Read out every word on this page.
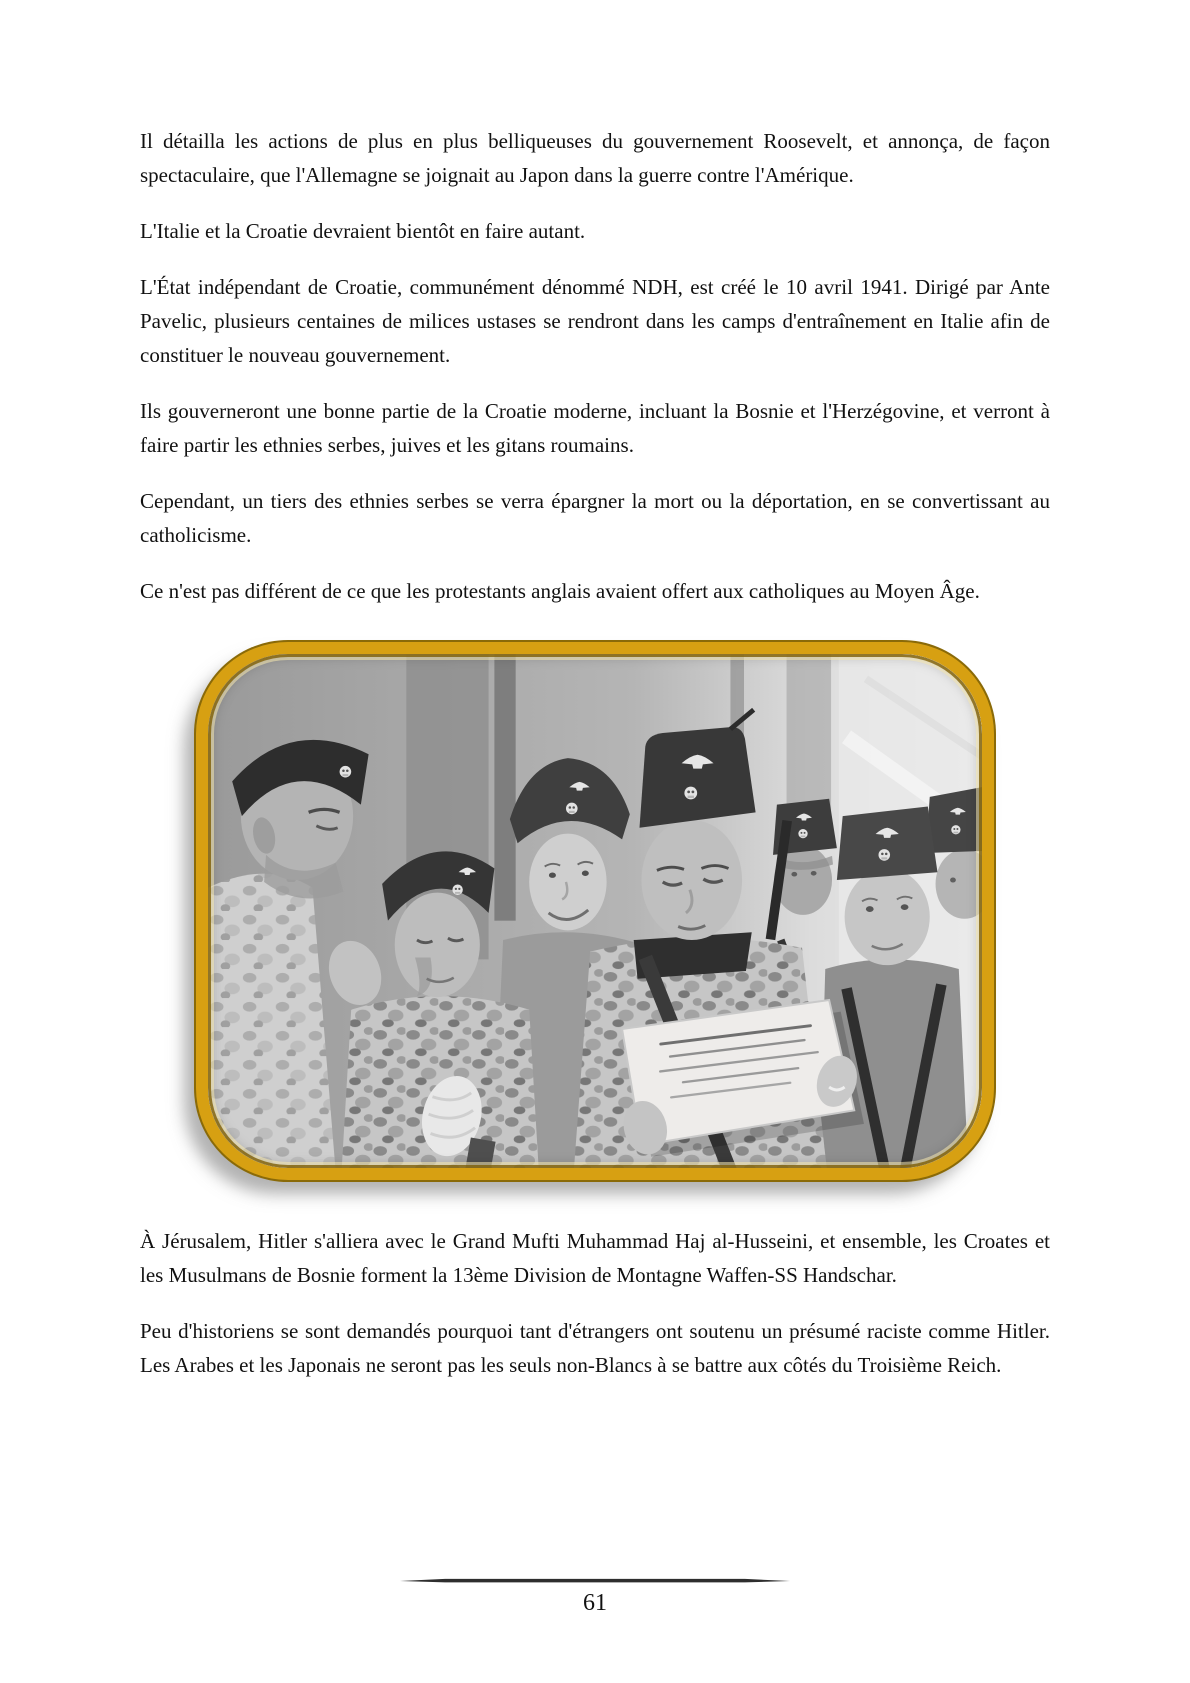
Il détailla les actions de plus en plus belliqueuses du gouvernement Roosevelt, et annonça, de façon spectaculaire, que l'Allemagne se joignait au Japon dans la guerre contre l'Amérique.

L'Italie et la Croatie devraient bientôt en faire autant.

L'État indépendant de Croatie, communément dénommé NDH, est créé le 10 avril 1941. Dirigé par Ante Pavelic, plusieurs centaines de milices ustases se rendront dans les camps d'entraînement en Italie afin de constituer le nouveau gouvernement.

Ils gouverneront une bonne partie de la Croatie moderne, incluant la Bosnie et l'Herzégovine, et verront à faire partir les ethnies serbes, juives et les gitans roumains.

Cependant, un tiers des ethnies serbes se verra épargner la mort ou la déportation, en se convertissant au catholicisme.

Ce n'est pas différent de ce que les protestants anglais avaient offert aux catholiques au Moyen Âge.

À Jérusalem, Hitler s'alliera avec le Grand Mufti Muhammad Haj al-Husseini, et ensemble, les Croates et les Musulmans de Bosnie forment la 13ème Division de Montagne Waffen-SS Handschar.

Peu d'historiens se sont demandés pourquoi tant d'étrangers ont soutenu un présumé raciste comme Hitler. Les Arabes et les Japonais ne seront pas les seuls non-Blancs à se battre aux côtés du Troisième Reich.

61
